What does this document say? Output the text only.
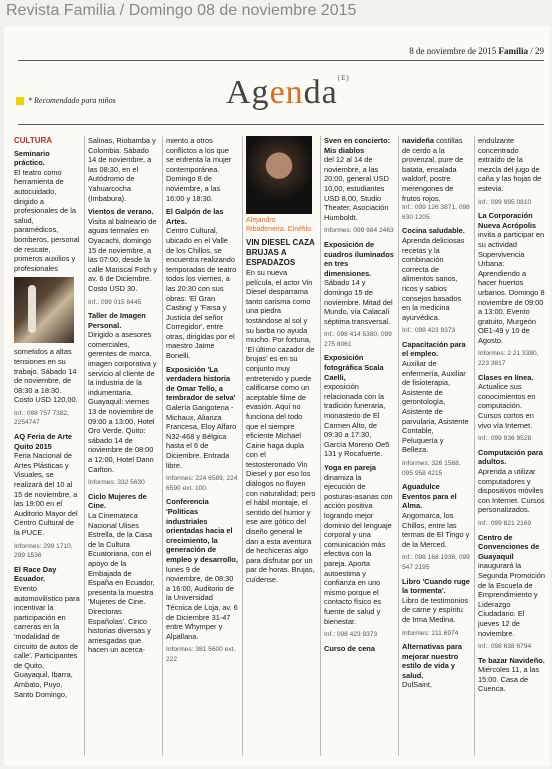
Revista Familia / Domingo 08 de noviembre 2015
8 de noviembre de 2015 Familia / 29
* Recomendado para niños	Agenda$^{(E)}$
CULTURA
Seminario práctico.

El teatro como herramienta de autocuidado, dirigido a profesionales de la salud, paramédicos, bomberos, personal de rescate, primeros auxilios y profesionales

sometidos a altas tensiones en su trabajo. Sábado 14 de noviembre, de 08:30 a 18:30. Costo USD 120,00.

Inf.: 098 757 7382, 2254747

AQ Feria de Arte Quito 2015

Feria Nacional de Artes Plásticas y Visuales, se realizará del 10 al 15 de noviembre, a las 19:00 en el Auditorio Mayor del Centro Cultural de la PUCE.

Informes: 299 1710, 299 1536

El Race Day Ecuador.

Evento automovilístico para incentivar la participación en carreras en la 'modalidad de circuito de autos de calle'. Participantes de Quito, Guayaquil, Ibarra, Ambato, Puyo, Santo Domingo,

Salinas, Riobamba y Colombia. Sábado 14 de noviembre, a las 08:30, en el Autódromo de Yahuarcocha (Imbabura).

Vientos de verano.

Visita al balneario de aguas termales en Oyacachi, domingo 15 de noviembre, a las 07:00, desde la calle Mariscal Foch y av. 6 de Diciembre. Costo USD 30.

Inf.: 099 015 8445

Taller de Imagen Personal.

Dirigido a asesores comerciales, gerentes de marca, imagen corporativa y servicio al cliente de la industria de la indumentaria. Guayaquil: viernes 13 de noviembre de 09:00 a 13:00, Hotel Oro Verde. Quito: sábado 14 de noviembre de 08:00 a 12:00, Hotel Dann Carlton.

Informes: 332 5630

Ciclo Mujeres de Cine.

La Cinemateca Nacional Ulises Estrella, de la Casa de la Cultura Ecuatoriana, con el apoyo de la Embajada de España en Ecuador, presenta la muestra 'Mujeres de Cine. Directoras Españolas'. Cinco historias diversas y arriesgadas que hacen un acerca-

miento a otros conflictos a los que se enfrenta la mujer contemporánea. Domingo 8 de noviembre, a las 16:00 y 18:30.

El Galpón de las Artes.

Centro Cultural, ubicado en el Valle de los Chillos, se encuentra realizando temporadas de teatro todos los viernes, a las 20:30 con sus obras: 'El Gran Casting' y 'Farsa y Justicia del señor Corregidor', entre otras, dirigidas por el maestro Jaime Bonelli.

Exposición 'La verdadera historia de Omar Tello, a tembrador de selva'

Galería Gangotena - Michaux, Alianza Francesa, Eloy Alfaro N32-468 y Bélgica hasta el 6 de Diciembre. Entrada libre.

Informes: 224 6589, 224 6590 ext. 100

Conferencia 'Políticas industriales orientadas hacia el crecimiento, la generación de empleo y desarrollo,

lunes 9 de noviembre, de 08:30 a 16:00, Auditorio de la Universidad Técnica de Loja, av. 6 de Diciembre 31-47 entre Whymper y Alpallana.

Informes: 381 5600 ext. 222

Alejandro Ribadeneira. Cinéfilo.
VIN DIESEL CAZA BRUJAS A ESPADAZOS

En su nueva película, el actor Vin Diesel desparrama tanto carisma como una piedra tostándose al sol y su barba no ayuda mucho. Por fortuna, 'El último cazador de brujas' es en su conjunto muy entretenido y puede calificarse como un aceptable filme de evasión. Aquí no funciona del todo que el siempre eficiente Michael Caine haga dupla con el testosteronado Vin Diesel y por eso los diálogos no fluyen con naturalidad; pero el hábil montaje, el sentido del humor y ese aire gótico del diseño general le dan a esta aventura de hechiceras algo para disfrutar por un par de horas. Brujas, cuídense.

Sven en concierto: Mis diablos

del 12 al 14 de noviembre, a las 20:00, general USD 10,00, estudiantes USD 8,00, Studio Theater, Asociación Humboldt.

Informes: 099 984 2463

Exposición de cuadros iluminados en tres dimensiones.

Sábado 14 y domingo 15 de noviembre. Mitad del Mundo, vía Calacalí séptima transversal.

Inf.: 098 414 5380, 099 275 8061

Exposición fotográfica Scala Caelli,

exposición relacionada con la tradición funeraria, monasterio de El Carmen Alto, de 09:30 a 17:30, García Moreno Oe5 131 y Rocafuerte.

Yoga en pareja

dinamiza la ejecución de posturas-asanas con acción positiva logrando mejor dominio del lenguaje corporal y una comunicación más efectiva con la pareja. Aporta autoestima y confianza en uno mismo porque el contacto físico es fuente de salud y bienestar.

Inf.: 098 423 9373

Curso de cena
navideña costillas de cerdo a la provenzal, pure de batata, ensalada waldorf, postre merengones de frutos rojos.

Inf.: 099 126 3871, 098 630 1205

Cocina saludable.

Aprenda deliciosas recetas y la combinación correcta de alimentos sanos, ricos y sabios consejos basados en la medicina ayurvédica.

Inf.: 098 423 9373

Capacitación para el empleo.

Auxiliar de enfermería, Auxiliar de fisioterapia, Asistente de gerontología, Asistente de parvularia, Asistente Contable, Peluquería y Belleza.

Informes: 326 1568, 095 958 4215

Aguadulce Eventos para el Alma.

Angomarca, los Chillos, entre las termas de El Tingo y de la Merced.

Inf.: 098 168 1936, 099 547 2195

Libro 'Cuando ruge la tormenta'.

Libro de testimonios de carne y espíritu de Irma Medina.

Informes: 211 6974

Alternativas para mejorar nuestro estilo de vida y salud.

DulSaint,

endulzante concentrado extraído de la mezcla del jugo de caña y las hojas de estevia.

Inf.: 099 995 0810

La Corporación Nueva Acrópolis

invita a participar en su actividad Supervivencia Urbana: Aprendiendo a hacer huertos urbanos. Domingo 8 noviembre de 09:00 a 13:00. Evento gratuito, Murgeón OE1-49 y 10 de Agosto.

Informes: 2 21 3380, 223 3817

Clases en línea.

Actualice sus conocimientos en computación. Cursos cortos en vivo vía Internet.

Inf.: 099 936 9528

Computación para adultos.

Aprenda a utilizar computadores y dispositivos móviles con Internet. Cursos personalizados.

Inf.: 099 821 2169

Centro de Convenciones de Guayaquil

inaugurará la Segunda Promoción de la Escuela de Emprendimiento y Liderazgo Ciudadano. El jueves 12 de noviembre.

Inf.: 098 638 6794

Te bazar Navideño.

Miércoles 11, a las 15:00. Casa de Cuenca.
